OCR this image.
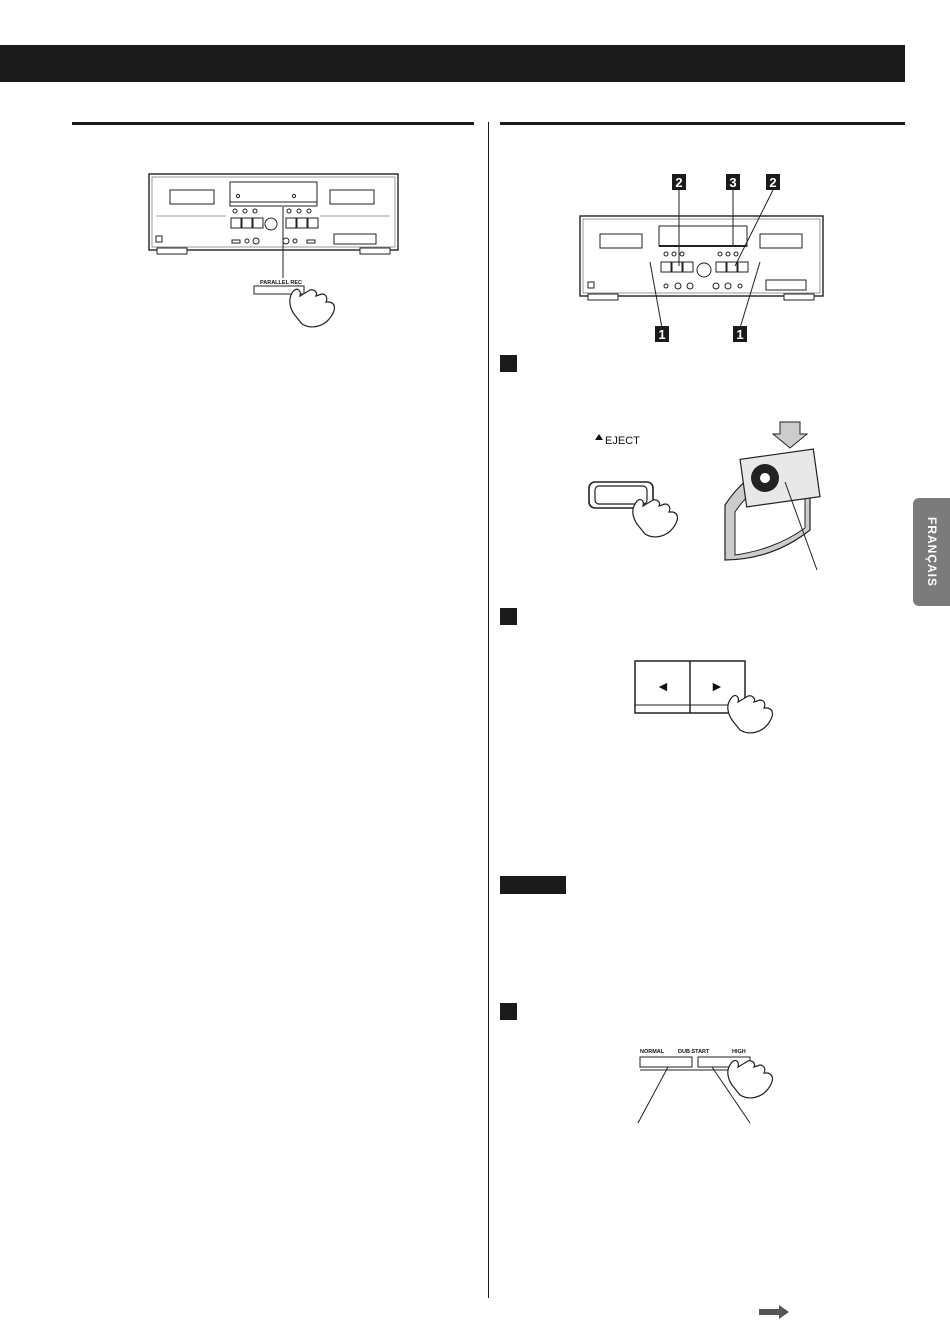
PARALLEL REC
2	3	2
1	1
EJECT
◄	►
NORMAL	DUB START	HIGH
FRANÇAIS
